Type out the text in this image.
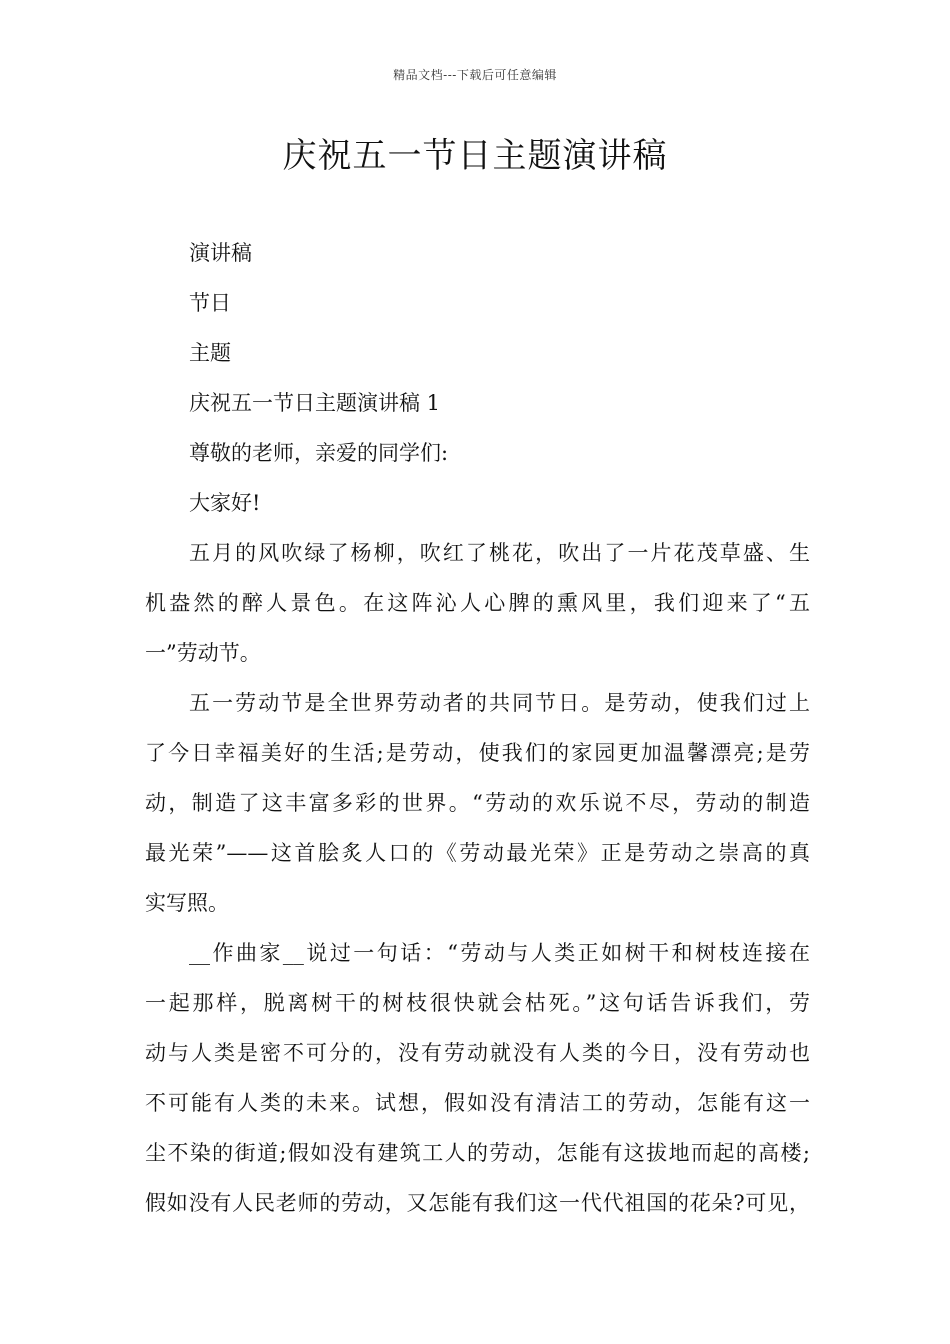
精品文档---下载后可任意编辑
庆祝五一节日主题演讲稿
演讲稿
节日
主题
庆祝五一节日主题演讲稿 1
尊敬的老师，亲爱的同学们:
大家好!
五月的风吹绿了杨柳，吹红了桃花，吹出了一片花茂草盛、生
机盎然的醉人景色。在这阵沁人心脾的熏风里，我们迎来了“五
一”劳动节。
五一劳动节是全世界劳动者的共同节日。是劳动，使我们过上
了今日幸福美好的生活;是劳动，使我们的家园更加温馨漂亮;是劳
动，制造了这丰富多彩的世界。“劳动的欢乐说不尽，劳动的制造
最光荣”——这首脍炙人口的《劳动最光荣》正是劳动之崇高的真
实写照。
__作曲家__说过一句话：“劳动与人类正如树干和树枝连接在
一起那样，脱离树干的树枝很快就会枯死。”这句话告诉我们，劳
动与人类是密不可分的，没有劳动就没有人类的今日，没有劳动也
不可能有人类的未来。试想，假如没有清洁工的劳动，怎能有这一
尘不染的街道;假如没有建筑工人的劳动，怎能有这拔地而起的高楼;
假如没有人民老师的劳动，又怎能有我们这一代代祖国的花朵?可见，
